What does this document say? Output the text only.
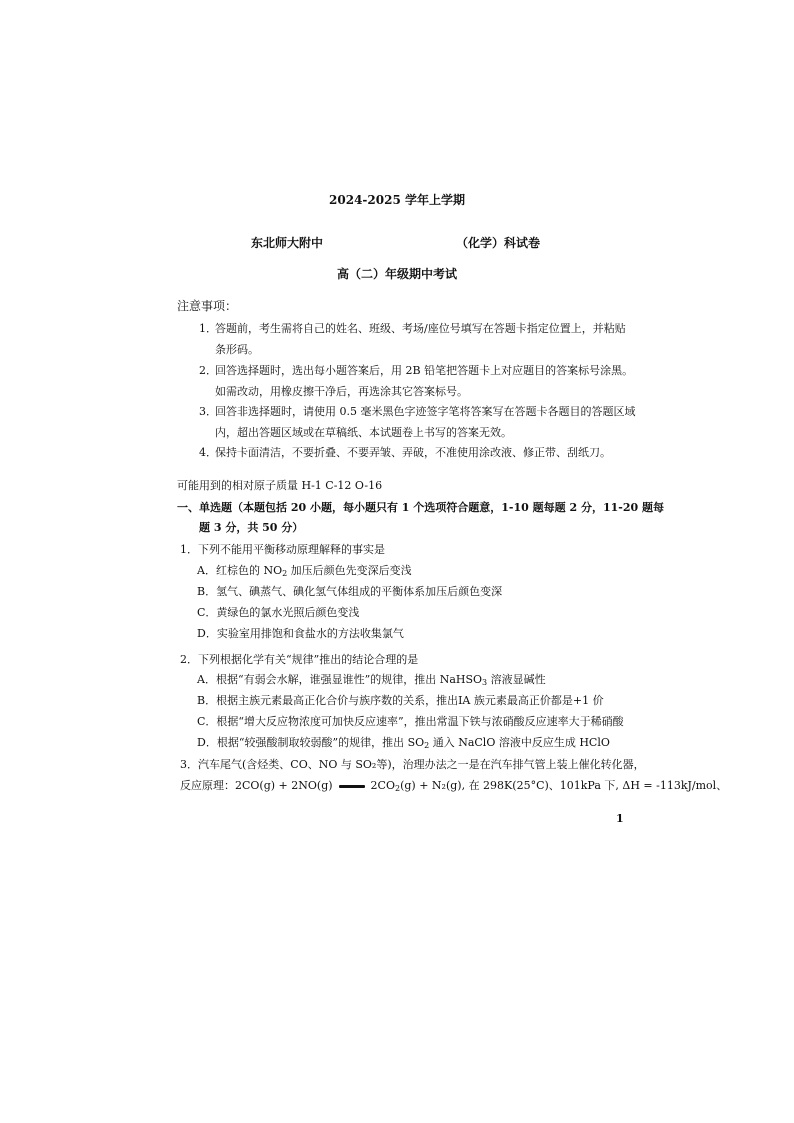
2024-2025 学年上学期
东北师大附中	（化学）科试卷
高（二）年级期中考试
注意事项：
1．
答题前，考生需将自己的姓名、班级、考场/座位号填写在答题卡指定位置上，并粘贴
条形码。
2．
回答选择题时，选出每小题答案后，用 2B 铅笔把答题卡上对应题目的答案标号涂黑。
如需改动，用橡皮擦干净后，再选涂其它答案标号。
3．
回答非选择题时，请使用 0.5 毫米黑色字迹签字笔将答案写在答题卡各题目的答题区域
内，超出答题区域或在草稿纸、本试题卷上书写的答案无效。
4．
保持卡面清洁，不要折叠、不要弄皱、弄破，不准使用涂改液、修正带、刮纸刀。
可能用到的相对原子质量 H-1 C-12 O-16
一、单选题（本题包括 20 小题，每小题只有 1 个选项符合题意，1-10 题每题 2 分，11-20 题每
题 3 分，共 50 分）
1．下列不能用平衡移动原理解释的事实是
A．红棕色的 $NO_2$ 加压后颜色先变深后变浅
B．氢气、碘蒸气、碘化氢气体组成的平衡体系加压后颜色变深
C．黄绿色的氯水光照后颜色变浅
D．实验室用排饱和食盐水的方法收集氯气
2．下列根据化学有关“规律”推出的结论合理的是
A．根据“有弱会水解，谁强显谁性”的规律，推出 NaHSO$_3$ 溶液显碱性
B．根据主族元素最高正化合价与族序数的关系，推出IA 族元素最高正价都是+1 价
C．根据“增大反应物浓度可加快反应速率”，推出常温下铁与浓硝酸反应速率大于稀硝酸
D．根据“较强酸制取较弱酸”的规律，推出 $SO_2$ 通入 NaClO 溶液中反应生成 HClO
3．汽车尾气(含烃类、CO、NO 与 SO₂等)，治理办法之一是在汽车排气管上装上催化转化器，
反应原理：2CO(g) + 2NO(g)	$2CO_2(g) + N_2(g)$, 在 298K(25°C)、101kPa 下, ΔH = -113kJ/mol、
1
